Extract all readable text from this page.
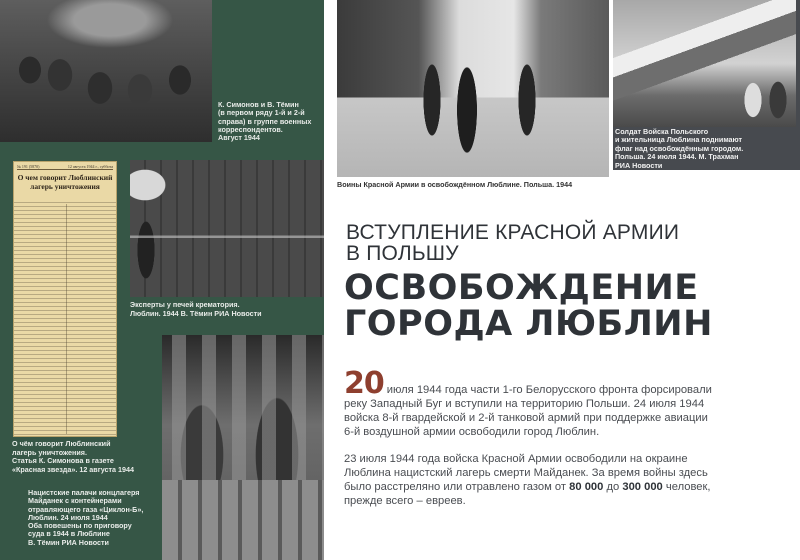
К. Симонов и В. Тёмин
(в первом ряду 1-й и 2-й
справа) в группе военных
корреспондентов.
Август 1944
№ 191 (5870)	12 августа 1944 г., суббота
О чем говорит Люблинский
лагерь уничтожения
О чём говорит Люблинский
лагерь уничтожения.
Статья К. Симонова в газете
«Красная звезда». 12 августа 1944
Эксперты у печей крематория.
Люблин. 1944 В. Тёмин РИА Новости
Нацистские палачи концлагеря
Майданек с контейнерами
отравляющего газа «Циклон-Б»,
Люблин. 24 июля 1944
Оба повешены по приговору
суда в 1944 в Люблине
В. Тёмин РИА Новости
Воины Красной Армии в освобождённом Люблине. Польша. 1944
Солдат Войска Польского
и жительница Люблина поднимают
флаг над освобождённым городом.
Польша. 24 июля 1944. М. Трахман
РИА Новости
ВСТУПЛЕНИЕ КРАСНОЙ АРМИИ
В ПОЛЬШУ
ОСВОБОЖДЕНИЕ
ГОРОДА ЛЮБЛИН
20 июля 1944 года части 1-го Белорусского фронта форсировали
реку Западный Буг и вступили на территорию Польши. 24 июля 1944
войска 8-й гвардейской и 2-й танковой армий при поддержке авиации
6-й воздушной армии освободили город Люблин.
23 июля 1944 года войска Красной Армии освободили на окраине
Люблина нацистский лагерь смерти Майданек. За время войны здесь
было расстреляно или отравлено газом от 80 000 до 300 000 человек,
прежде всего – евреев.
